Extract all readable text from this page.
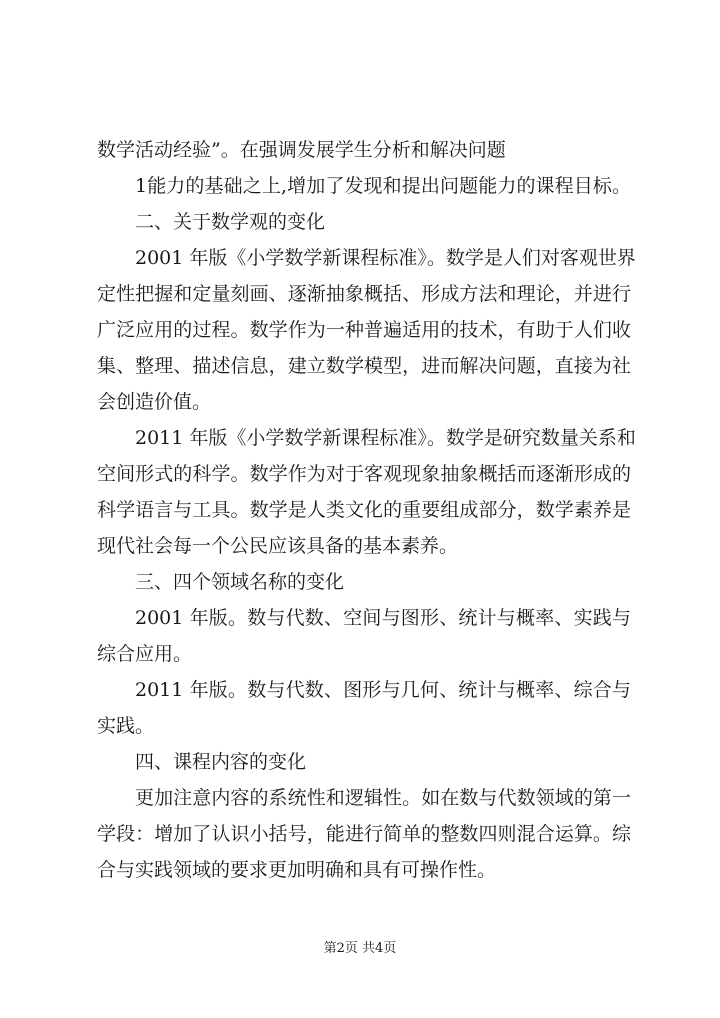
数学活动经验”。在强调发展学生分析和解决问题
1能力的基础之上,增加了发现和提出问题能力的课程目标。
二、关于数学观的变化
2001 年版《小学数学新课程标准》。数学是人们对客观世界
定性把握和定量刻画、逐渐抽象概括、形成方法和理论，并进行
广泛应用的过程。数学作为一种普遍适用的技术，有助于人们收
集、整理、描述信息，建立数学模型，进而解决问题，直接为社
会创造价值。
2011 年版《小学数学新课程标准》。数学是研究数量关系和
空间形式的科学。数学作为对于客观现象抽象概括而逐渐形成的
科学语言与工具。数学是人类文化的重要组成部分，数学素养是
现代社会每一个公民应该具备的基本素养。
三、四个领域名称的变化
2001 年版。数与代数、空间与图形、统计与概率、实践与
综合应用。
2011 年版。数与代数、图形与几何、统计与概率、综合与
实践。
四、课程内容的变化
更加注意内容的系统性和逻辑性。如在数与代数领域的第一
学段：增加了认识小括号，能进行简单的整数四则混合运算。综
合与实践领域的要求更加明确和具有可操作性。
第2页 共4页
